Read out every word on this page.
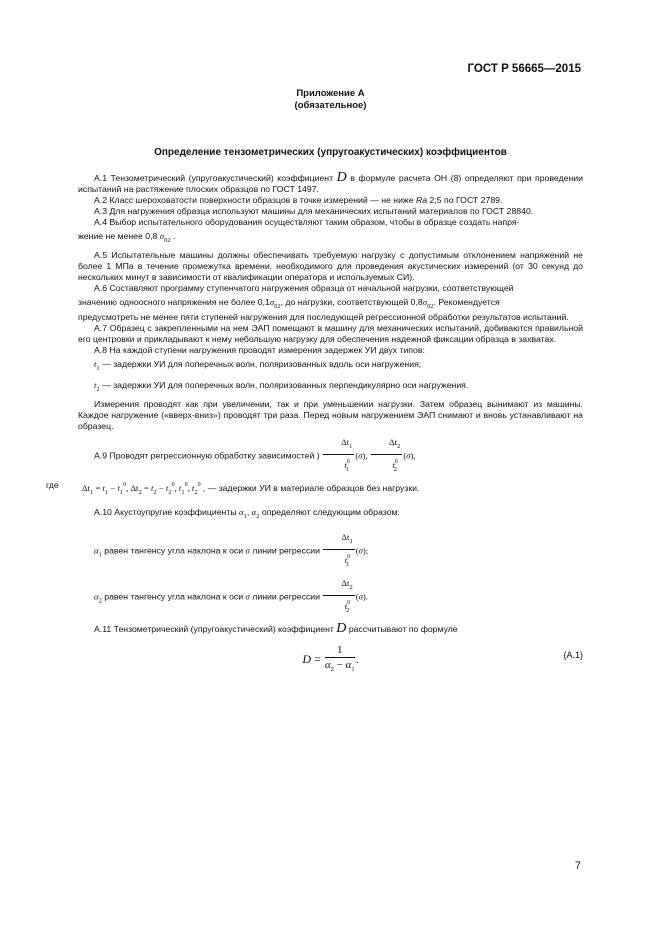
ГОСТ Р 56665—2015
Приложение А
(обязательное)
Определение тензометрических (упругоакустических) коэффициентов

А.1 Тензометрический (упругоакустический) коэффициент D в формуле расчета ОН (8) определяют при проведении испытаний на растяжение плоских образцов по ГОСТ 1497.

А.2 Класс шероховатости поверхности образцов в точке измерений — не ниже Ra 2,5 по ГОСТ 2789.

А.3 Для нагружения образца используют машины для механических испытаний материалов по ГОСТ 28840.

А.4 Выбор испытательного оборудования осуществляют таким образом, чтобы в образце создать напря-

жение не менее 0,8 $\sigma_{02}$ .

А.5 Испытательные машины должны обеспечивать требуемую нагрузку с допустимым отклонением напряжений не более 1 МПа в течение промежутка времени, необходимого для проведения акустических измерений (от 30 секунд до нескольких минут в зависимости от квалификации оператора и используемых СИ).

А.6 Составляют программу ступенчатого нагружения образца от начальной нагрузки, соответствующей

значению одноосного напряжения не более $0,1\sigma_{02}$, до нагрузки, соответствующей $0,8\sigma_{02}$. Рекомендуется

предусмотреть не менее пяти ступеней нагружения для последующей регрессионной обработки результатов испытаний.

А.7 Образец с закрепленными на нем ЭАП помещают в машину для механических испытаний, добиваются правильной его центровки и прикладывают к нему небольшую нагрузку для обеспечения надежной фиксации образца в захватах.

А.8 На каждой ступени нагружения проводят измерения задержек УИ двух типов:

$t_1$ — задержки УИ для поперечных волн, поляризованных вдоль оси нагружения;

$t_2$ — задержки УИ для поперечных волн, поляризованных перпендикулярно оси нагружения.

Измерения проводят как при увеличении, так и при уменьшении нагрузки. Затем образец вынимают из машины. Каждое нагружение («вверх-вниз») проводят три раза. Перед новым нагружением ЭАП снимают и вновь устанавливают на образец.

А.9 Проводят регрессионную обработку зависимостей ) $\frac{\Delta t_1}{t^0_1} (\sigma)$, $\frac{\Delta t_2}{t^0_2} (\sigma)$,

где	$\Delta t_1 = t_1 - t_1^0$, $\Delta t_2 = t_2 - t_2^0$, $t_1^0$, $t_2^0$ , — задержки УИ в материале образцов без нагрузки.

А.10 Акустоупругие коэффициенты $\alpha_1$, $\alpha_2$ определяют следующим образом:

$\alpha_1$ равен тангенсу угла наклона к оси σ линии регрессии $\frac{\Delta t_1}{t^0_1} (\sigma)$;

$\alpha_2$ равен тангенсу угла наклона к оси σ линии регрессии $\frac{\Delta t_2}{t^0_2} (\sigma)$.

А.11 Тензометрический (упругоакустический) коэффициент D рассчитывают по формуле

$D = \frac{1}{\alpha_2 - \alpha_1}$ .	(А.1)
7
